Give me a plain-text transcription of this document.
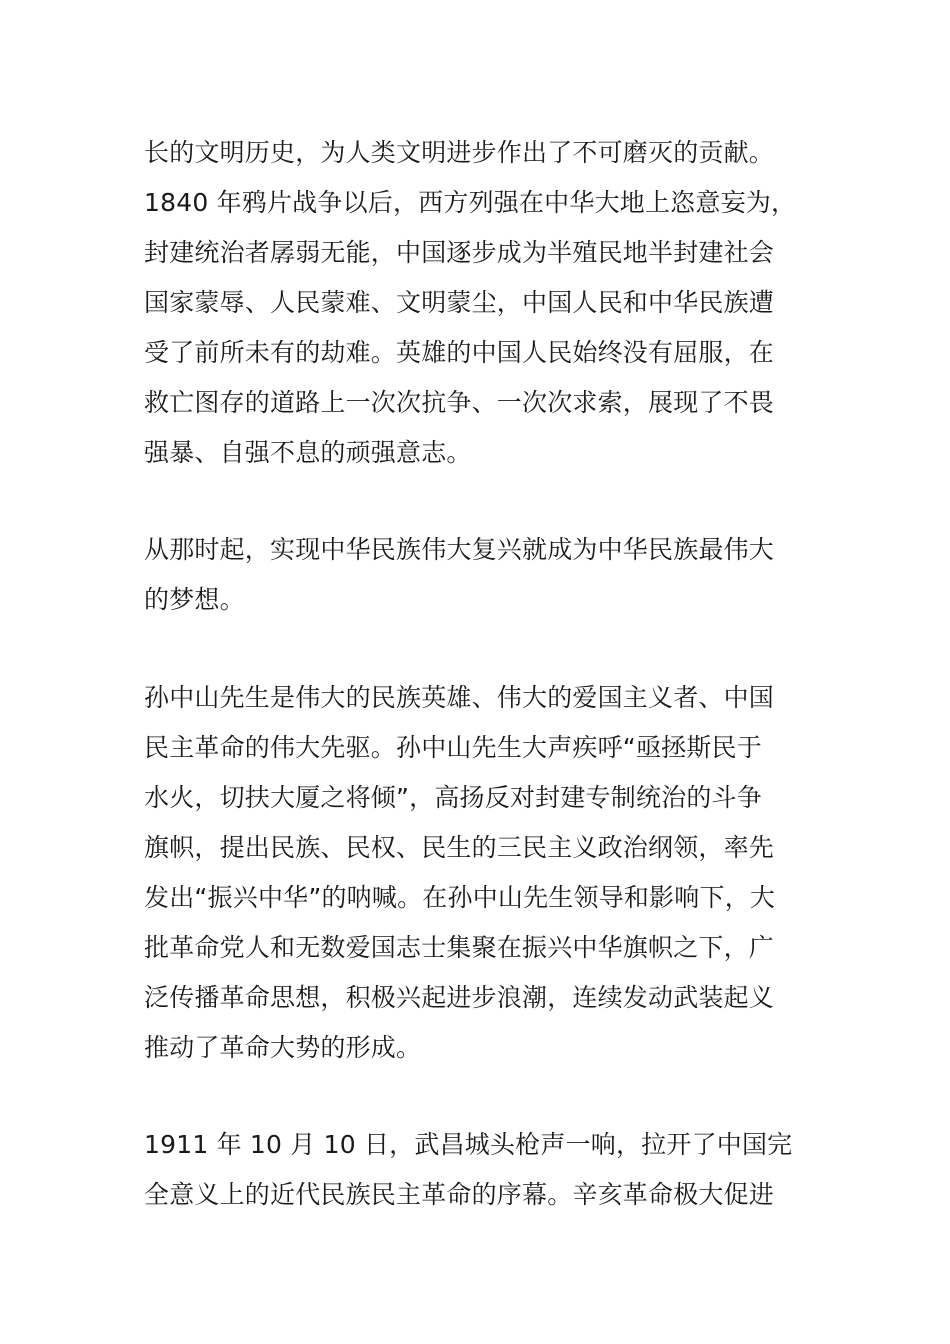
长的文明历史，为人类文明进步作出了不可磨灭的贡献。
1840 年鸦片战争以后，西方列强在中华大地上恣意妄为，
封建统治者孱弱无能，中国逐步成为半殖民地半封建社会
国家蒙辱、人民蒙难、文明蒙尘，中国人民和中华民族遭
受了前所未有的劫难。英雄的中国人民始终没有屈服，在
救亡图存的道路上一次次抗争、一次次求索，展现了不畏
强暴、自强不息的顽强意志。
从那时起，实现中华民族伟大复兴就成为中华民族最伟大
的梦想。
孙中山先生是伟大的民族英雄、伟大的爱国主义者、中国
民主革命的伟大先驱。孙中山先生大声疾呼“亟拯斯民于
水火，切扶大厦之将倾”，高扬反对封建专制统治的斗争
旗帜，提出民族、民权、民生的三民主义政治纲领，率先
发出“振兴中华”的呐喊。在孙中山先生领导和影响下，大
批革命党人和无数爱国志士集聚在振兴中华旗帜之下，广
泛传播革命思想，积极兴起进步浪潮，连续发动武装起义
推动了革命大势的形成。
1911 年 10 月 10 日，武昌城头枪声一响，拉开了中国完
全意义上的近代民族民主革命的序幕。辛亥革命极大促进
